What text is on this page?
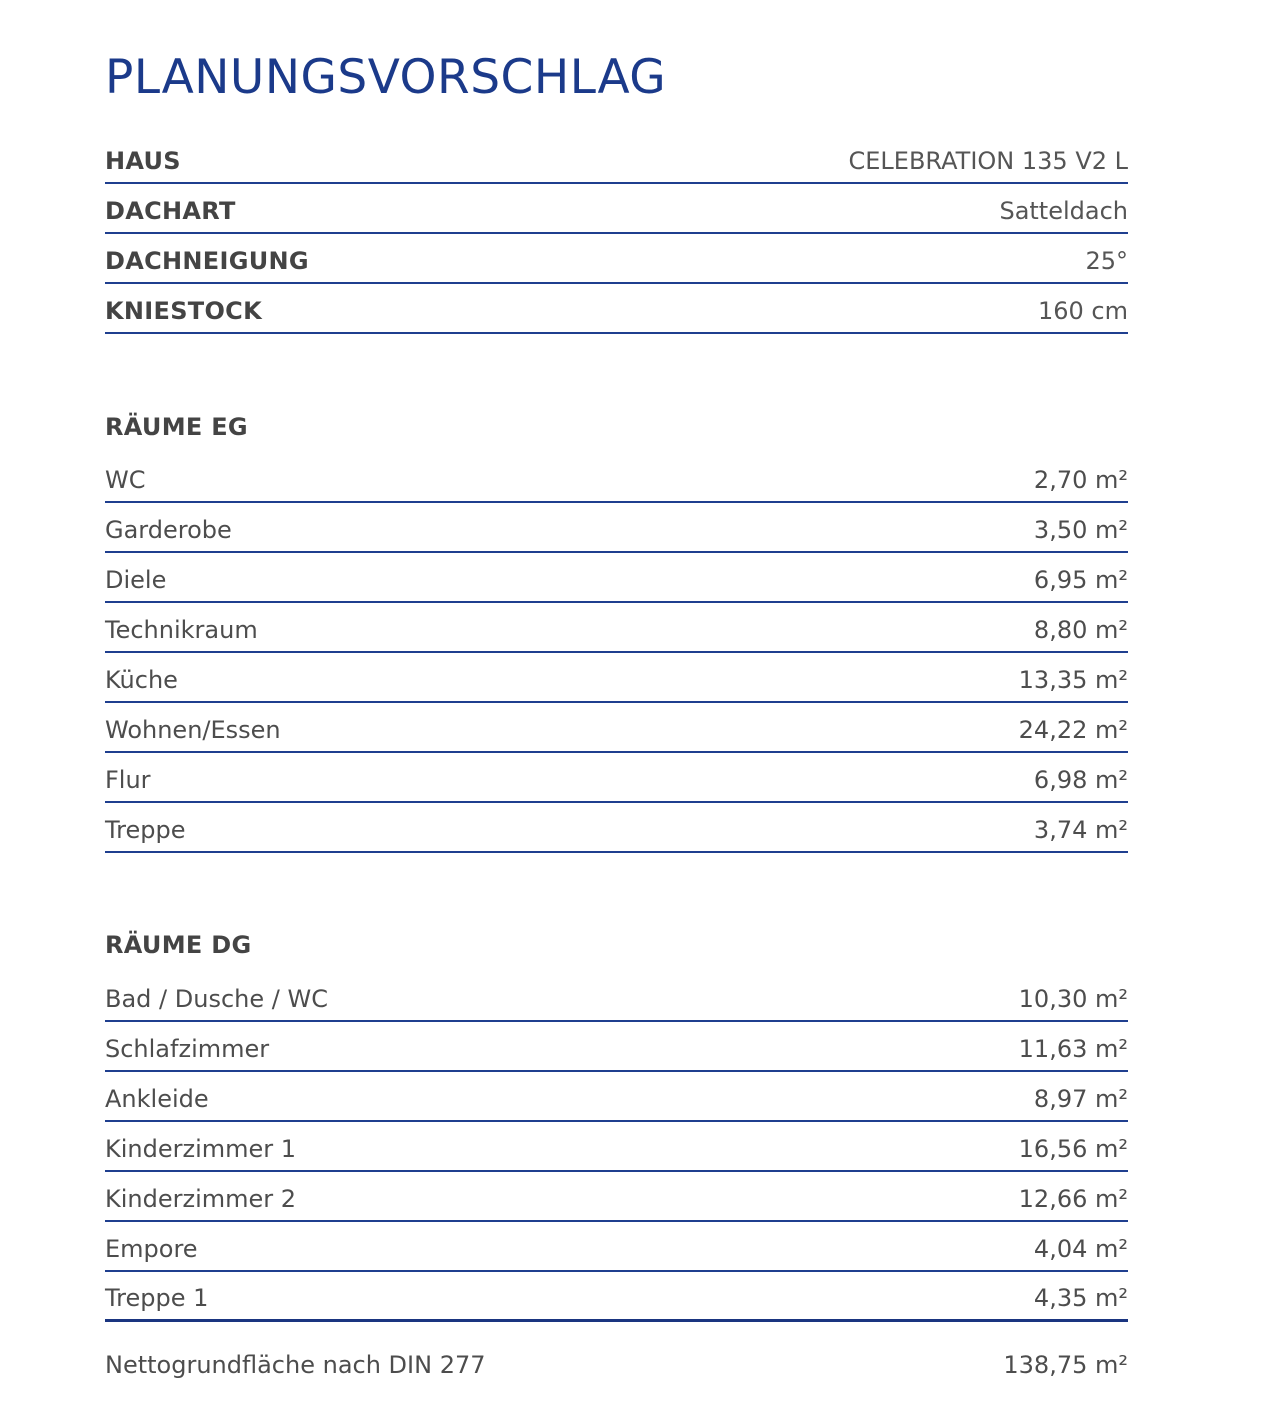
PLANUNGSVORSCHLAG
HAUS	CELEBRATION 135 V2 L
DACHART	Satteldach
DACHNEIGUNG	25°
KNIESTOCK	160 cm
RÄUME EG
WC	2,70 m²
Garderobe	3,50 m²
Diele	6,95 m²
Technikraum	8,80 m²
Küche	13,35 m²
Wohnen/Essen	24,22 m²
Flur	6,98 m²
Treppe	3,74 m²
RÄUME DG
Bad / Dusche / WC	10,30 m²
Schlafzimmer	11,63 m²
Ankleide	8,97 m²
Kinderzimmer 1	16,56 m²
Kinderzimmer 2	12,66 m²
Empore	4,04 m²
Treppe 1	4,35 m²
Nettogrundfläche nach DIN 277	138,75 m²
